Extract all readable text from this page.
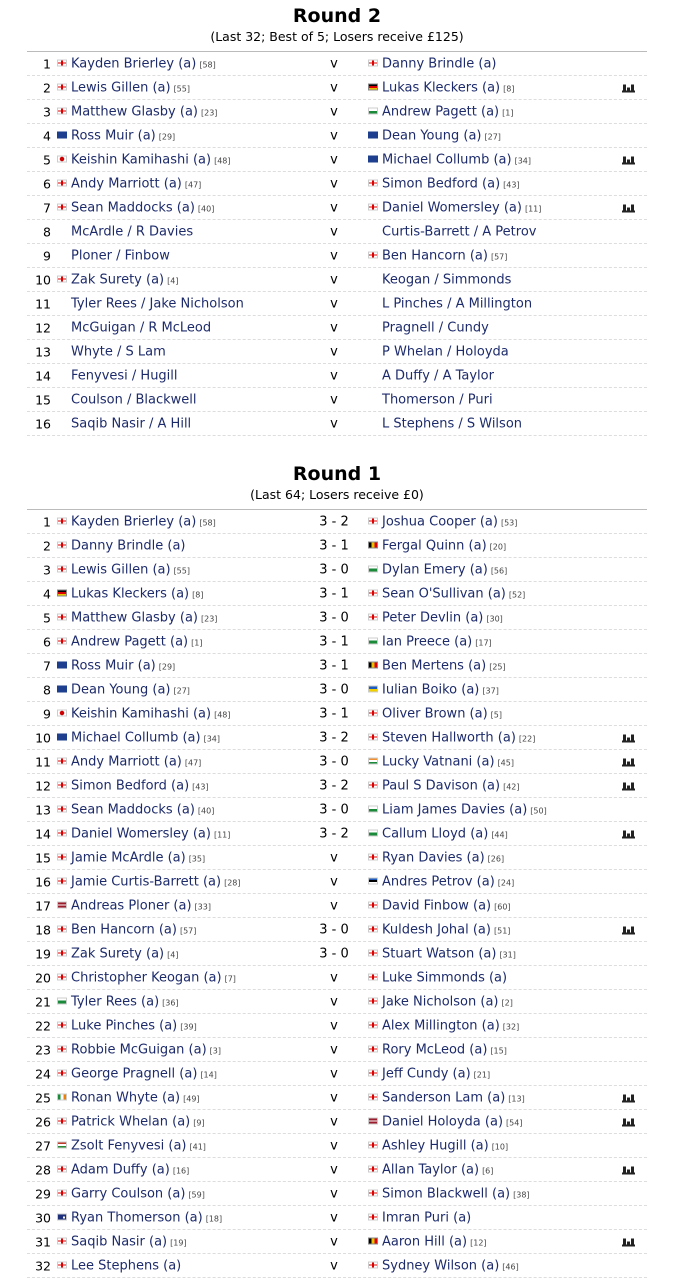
Round 2
(Last 32; Best of 5; Losers receive £125)
1	Kayden Brierley (a) [58]	v	Danny Brindle (a)
2	Lewis Gillen (a) [55]	v	Lukas Kleckers (a) [8]
3	Matthew Glasby (a) [23]	v	Andrew Pagett (a) [1]
4	Ross Muir (a) [29]	v	Dean Young (a) [27]
5	Keishin Kamihashi (a) [48]	v	Michael Collumb (a) [34]
6	Andy Marriott (a) [47]	v	Simon Bedford (a) [43]
7	Sean Maddocks (a) [40]	v	Daniel Womersley (a) [11]
8	McArdle / R Davies	v	Curtis-Barrett / A Petrov
9	Ploner / Finbow	v	Ben Hancorn (a) [57]
10	Zak Surety (a) [4]	v	Keogan / Simmonds
11	Tyler Rees / Jake Nicholson	v	L Pinches / A Millington
12	McGuigan / R McLeod	v	Pragnell / Cundy
13	Whyte / S Lam	v	P Whelan / Holoyda
14	Fenyvesi / Hugill	v	A Duffy / A Taylor
15	Coulson / Blackwell	v	Thomerson / Puri
16	Saqib Nasir / A Hill	v	L Stephens / S Wilson
Round 1
(Last 64; Losers receive £0)
1	Kayden Brierley (a) [58]	3 - 2	Joshua Cooper (a) [53]
2	Danny Brindle (a)	3 - 1	Fergal Quinn (a) [20]
3	Lewis Gillen (a) [55]	3 - 0	Dylan Emery (a) [56]
4	Lukas Kleckers (a) [8]	3 - 1	Sean O'Sullivan (a) [52]
5	Matthew Glasby (a) [23]	3 - 0	Peter Devlin (a) [30]
6	Andrew Pagett (a) [1]	3 - 1	Ian Preece (a) [17]
7	Ross Muir (a) [29]	3 - 1	Ben Mertens (a) [25]
8	Dean Young (a) [27]	3 - 0	Iulian Boiko (a) [37]
9	Keishin Kamihashi (a) [48]	3 - 1	Oliver Brown (a) [5]
10	Michael Collumb (a) [34]	3 - 2	Steven Hallworth (a) [22]
11	Andy Marriott (a) [47]	3 - 0	Lucky Vatnani (a) [45]
12	Simon Bedford (a) [43]	3 - 2	Paul S Davison (a) [42]
13	Sean Maddocks (a) [40]	3 - 0	Liam James Davies (a) [50]
14	Daniel Womersley (a) [11]	3 - 2	Callum Lloyd (a) [44]
15	Jamie McArdle (a) [35]	v	Ryan Davies (a) [26]
16	Jamie Curtis-Barrett (a) [28]	v	Andres Petrov (a) [24]
17	Andreas Ploner (a) [33]	v	David Finbow (a) [60]
18	Ben Hancorn (a) [57]	3 - 0	Kuldesh Johal (a) [51]
19	Zak Surety (a) [4]	3 - 0	Stuart Watson (a) [31]
20	Christopher Keogan (a) [7]	v	Luke Simmonds (a)
21	Tyler Rees (a) [36]	v	Jake Nicholson (a) [2]
22	Luke Pinches (a) [39]	v	Alex Millington (a) [32]
23	Robbie McGuigan (a) [3]	v	Rory McLeod (a) [15]
24	George Pragnell (a) [14]	v	Jeff Cundy (a) [21]
25	Ronan Whyte (a) [49]	v	Sanderson Lam (a) [13]
26	Patrick Whelan (a) [9]	v	Daniel Holoyda (a) [54]
27	Zsolt Fenyvesi (a) [41]	v	Ashley Hugill (a) [10]
28	Adam Duffy (a) [16]	v	Allan Taylor (a) [6]
29	Garry Coulson (a) [59]	v	Simon Blackwell (a) [38]
30	Ryan Thomerson (a) [18]	v	Imran Puri (a)
31	Saqib Nasir (a) [19]	v	Aaron Hill (a) [12]
32	Lee Stephens (a)	v	Sydney Wilson (a) [46]
